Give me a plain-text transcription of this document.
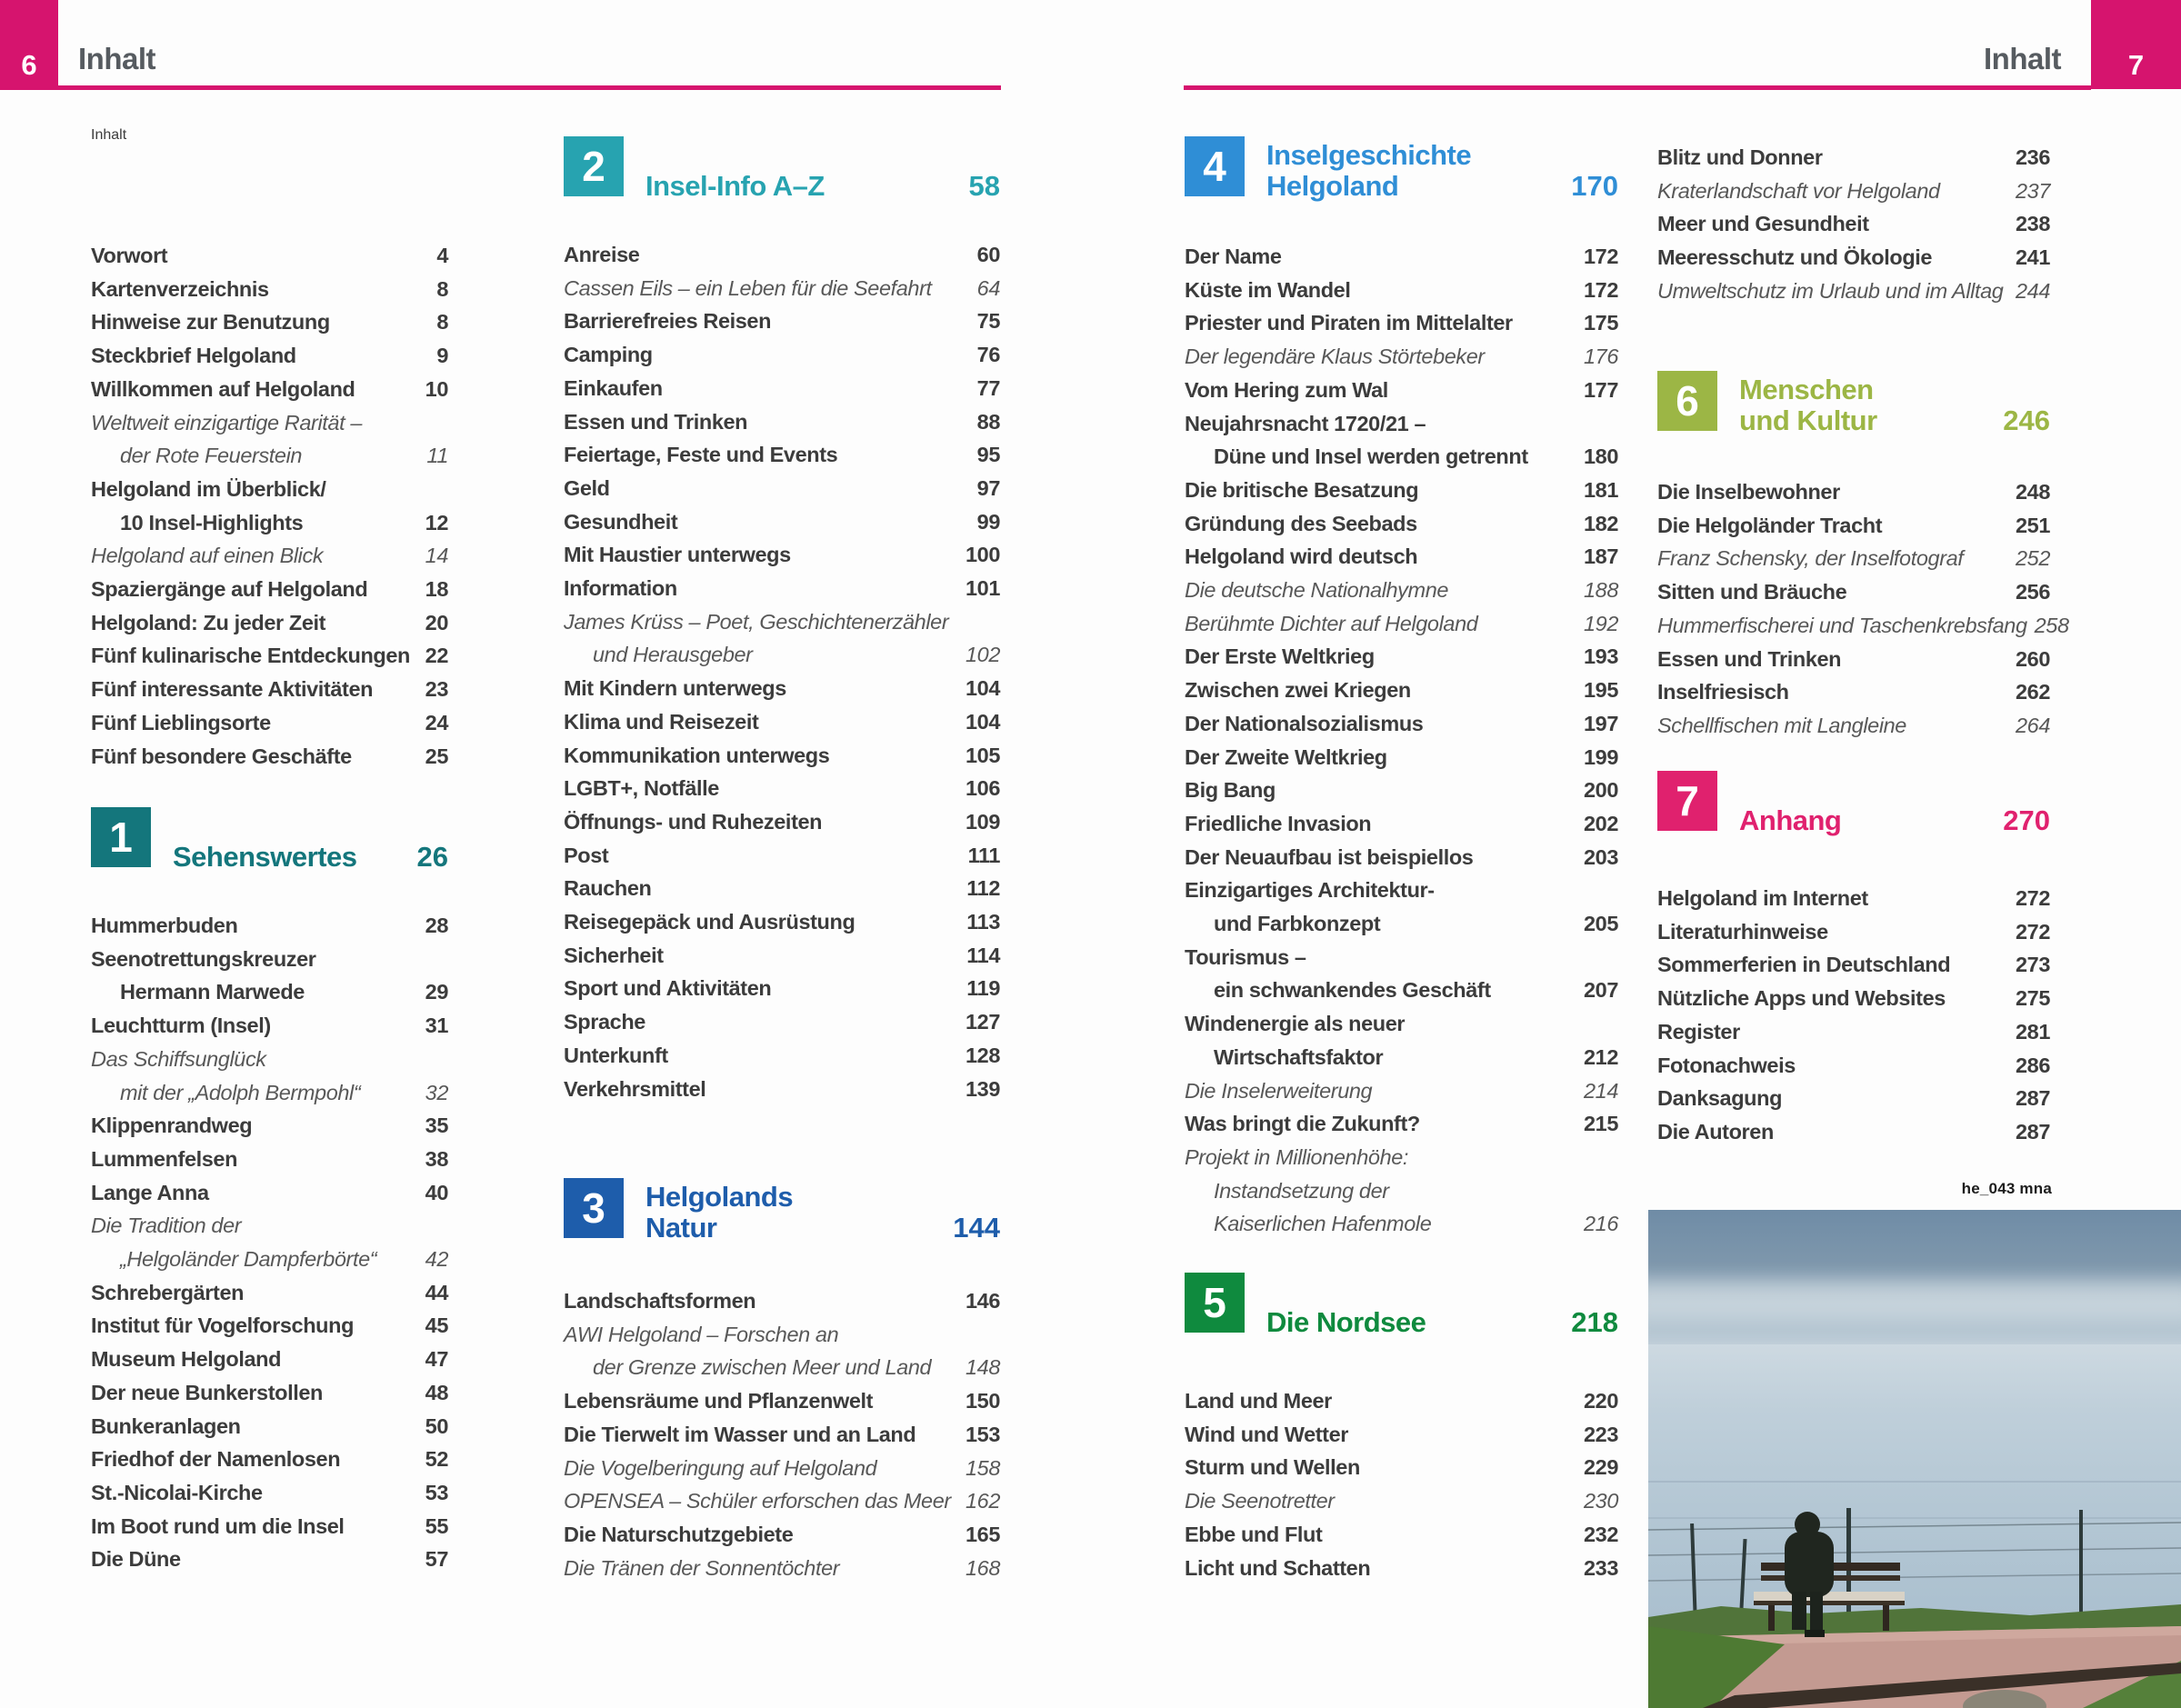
6 Inhalt	Inhalt 7
Inhalt
Vorwort	4
Kartenverzeichnis	8
Hinweise zur Benutzung	8
Steckbrief Helgoland	9
Willkommen auf Helgoland	10
Weltweit einzigartige Rarität –
der Rote Feuerstein	11
Helgoland im Überblick/
10 Insel-Highlights	12
Helgoland auf einen Blick	14
Spaziergänge auf Helgoland	18
Helgoland: Zu jeder Zeit	20
Fünf kulinarische Entdeckungen 22
Fünf interessante Aktivitäten	23
Fünf Lieblingsorte	24
Fünf besondere Geschäfte	25
1	Sehenswertes 26
Hummerbuden	28
Seenotrettungskreuzer
Hermann Marwede	29
Leuchtturm (Insel)	31
Das Schiffsunglück
mit der „Adolph Bermpohl“	32
Klippenrandweg	35
Lummenfelsen	38
Lange Anna	40
Die Tradition der
„Helgoländer Dampferbörte“	42
Schrebergärten	44
Institut für Vogelforschung	45
Museum Helgoland	47
Der neue Bunkerstollen	48
Bunkeranlagen	50
Friedhof der Namenlosen	52
St.-Nicolai-Kirche	53
Im Boot rund um die Insel	55
Die Düne	57
2	Insel-Info A–Z	58
Anreise	60
Cassen Eils – ein Leben für die Seefahrt	64
Barrierefreies Reisen	75
Camping	76
Einkaufen	77
Essen und Trinken	88
Feiertage, Feste und Events	95
Geld	97
Gesundheit	99
Mit Haustier unterwegs	100
Information	101
James Krüss – Poet, Geschichtenerzähler
und Herausgeber	102
Mit Kindern unterwegs	104
Klima und Reisezeit	104
Kommunikation unterwegs	105
LGBT+, Notfälle	106
Öffnungs- und Ruhezeiten	109
Post	111
Rauchen	112
Reisegepäck und Ausrüstung	113
Sicherheit	114
Sport und Aktivitäten	119
Sprache	127
Unterkunft	128
Verkehrsmittel	139
3	Helgolands
Natur	144
Landschaftsformen	146
AWI Helgoland – Forschen an
der Grenze zwischen Meer und Land	148
Lebensräume und Pflanzenwelt	150
Die Tierwelt im Wasser und an Land	153
Die Vogelberingung auf Helgoland	158
OPENSEA – Schüler erforschen das Meer 162
Die Naturschutzgebiete	165
Die Tränen der Sonnentöchter	168
4	Inselgeschichte
Helgoland	170
Der Name	172
Küste im Wandel	172
Priester und Piraten im Mittelalter	175
Der legendäre Klaus Störtebeker	176
Vom Hering zum Wal	177
Neujahrsnacht 1720/21 –
Düne und Insel werden getrennt	180
Die britische Besatzung	181
Gründung des Seebads	182
Helgoland wird deutsch	187
Die deutsche Nationalhymne	188
Berühmte Dichter auf Helgoland	192
Der Erste Weltkrieg	193
Zwischen zwei Kriegen	195
Der Nationalsozialismus	197
Der Zweite Weltkrieg	199
Big Bang	200
Friedliche Invasion	202
Der Neuaufbau ist beispiellos	203
Einzigartiges Architektur-
und Farbkonzept	205
Tourismus –
ein schwankendes Geschäft	207
Windenergie als neuer
Wirtschaftsfaktor	212
Die Inselerweiterung	214
Was bringt die Zukunft?	215
Projekt in Millionenhöhe:
Instandsetzung der
Kaiserlichen Hafenmole	216
5	Die Nordsee	218
Land und Meer	220
Wind und Wetter	223
Sturm und Wellen	229
Die Seenotretter	230
Ebbe und Flut	232
Licht und Schatten	233
Blitz und Donner	236
Kraterlandschaft vor Helgoland	237
Meer und Gesundheit	238
Meeresschutz und Ökologie	241
Umweltschutz im Urlaub und im Alltag 244
6	Menschen
und Kultur	246
Die Inselbewohner	248
Die Helgoländer Tracht	251
Franz Schensky, der Inselfotograf	252
Sitten und Bräuche	256
Hummerfischerei und Taschenkrebsfang 258
Essen und Trinken	260
Inselfriesisch	262
Schellfischen mit Langleine	264
7	Anhang	270
Helgoland im Internet	272
Literaturhinweise	272
Sommerferien in Deutschland	273
Nützliche Apps und Websites	275
Register	281
Fotonachweis	286
Danksagung	287
Die Autoren	287
he_043 mna
